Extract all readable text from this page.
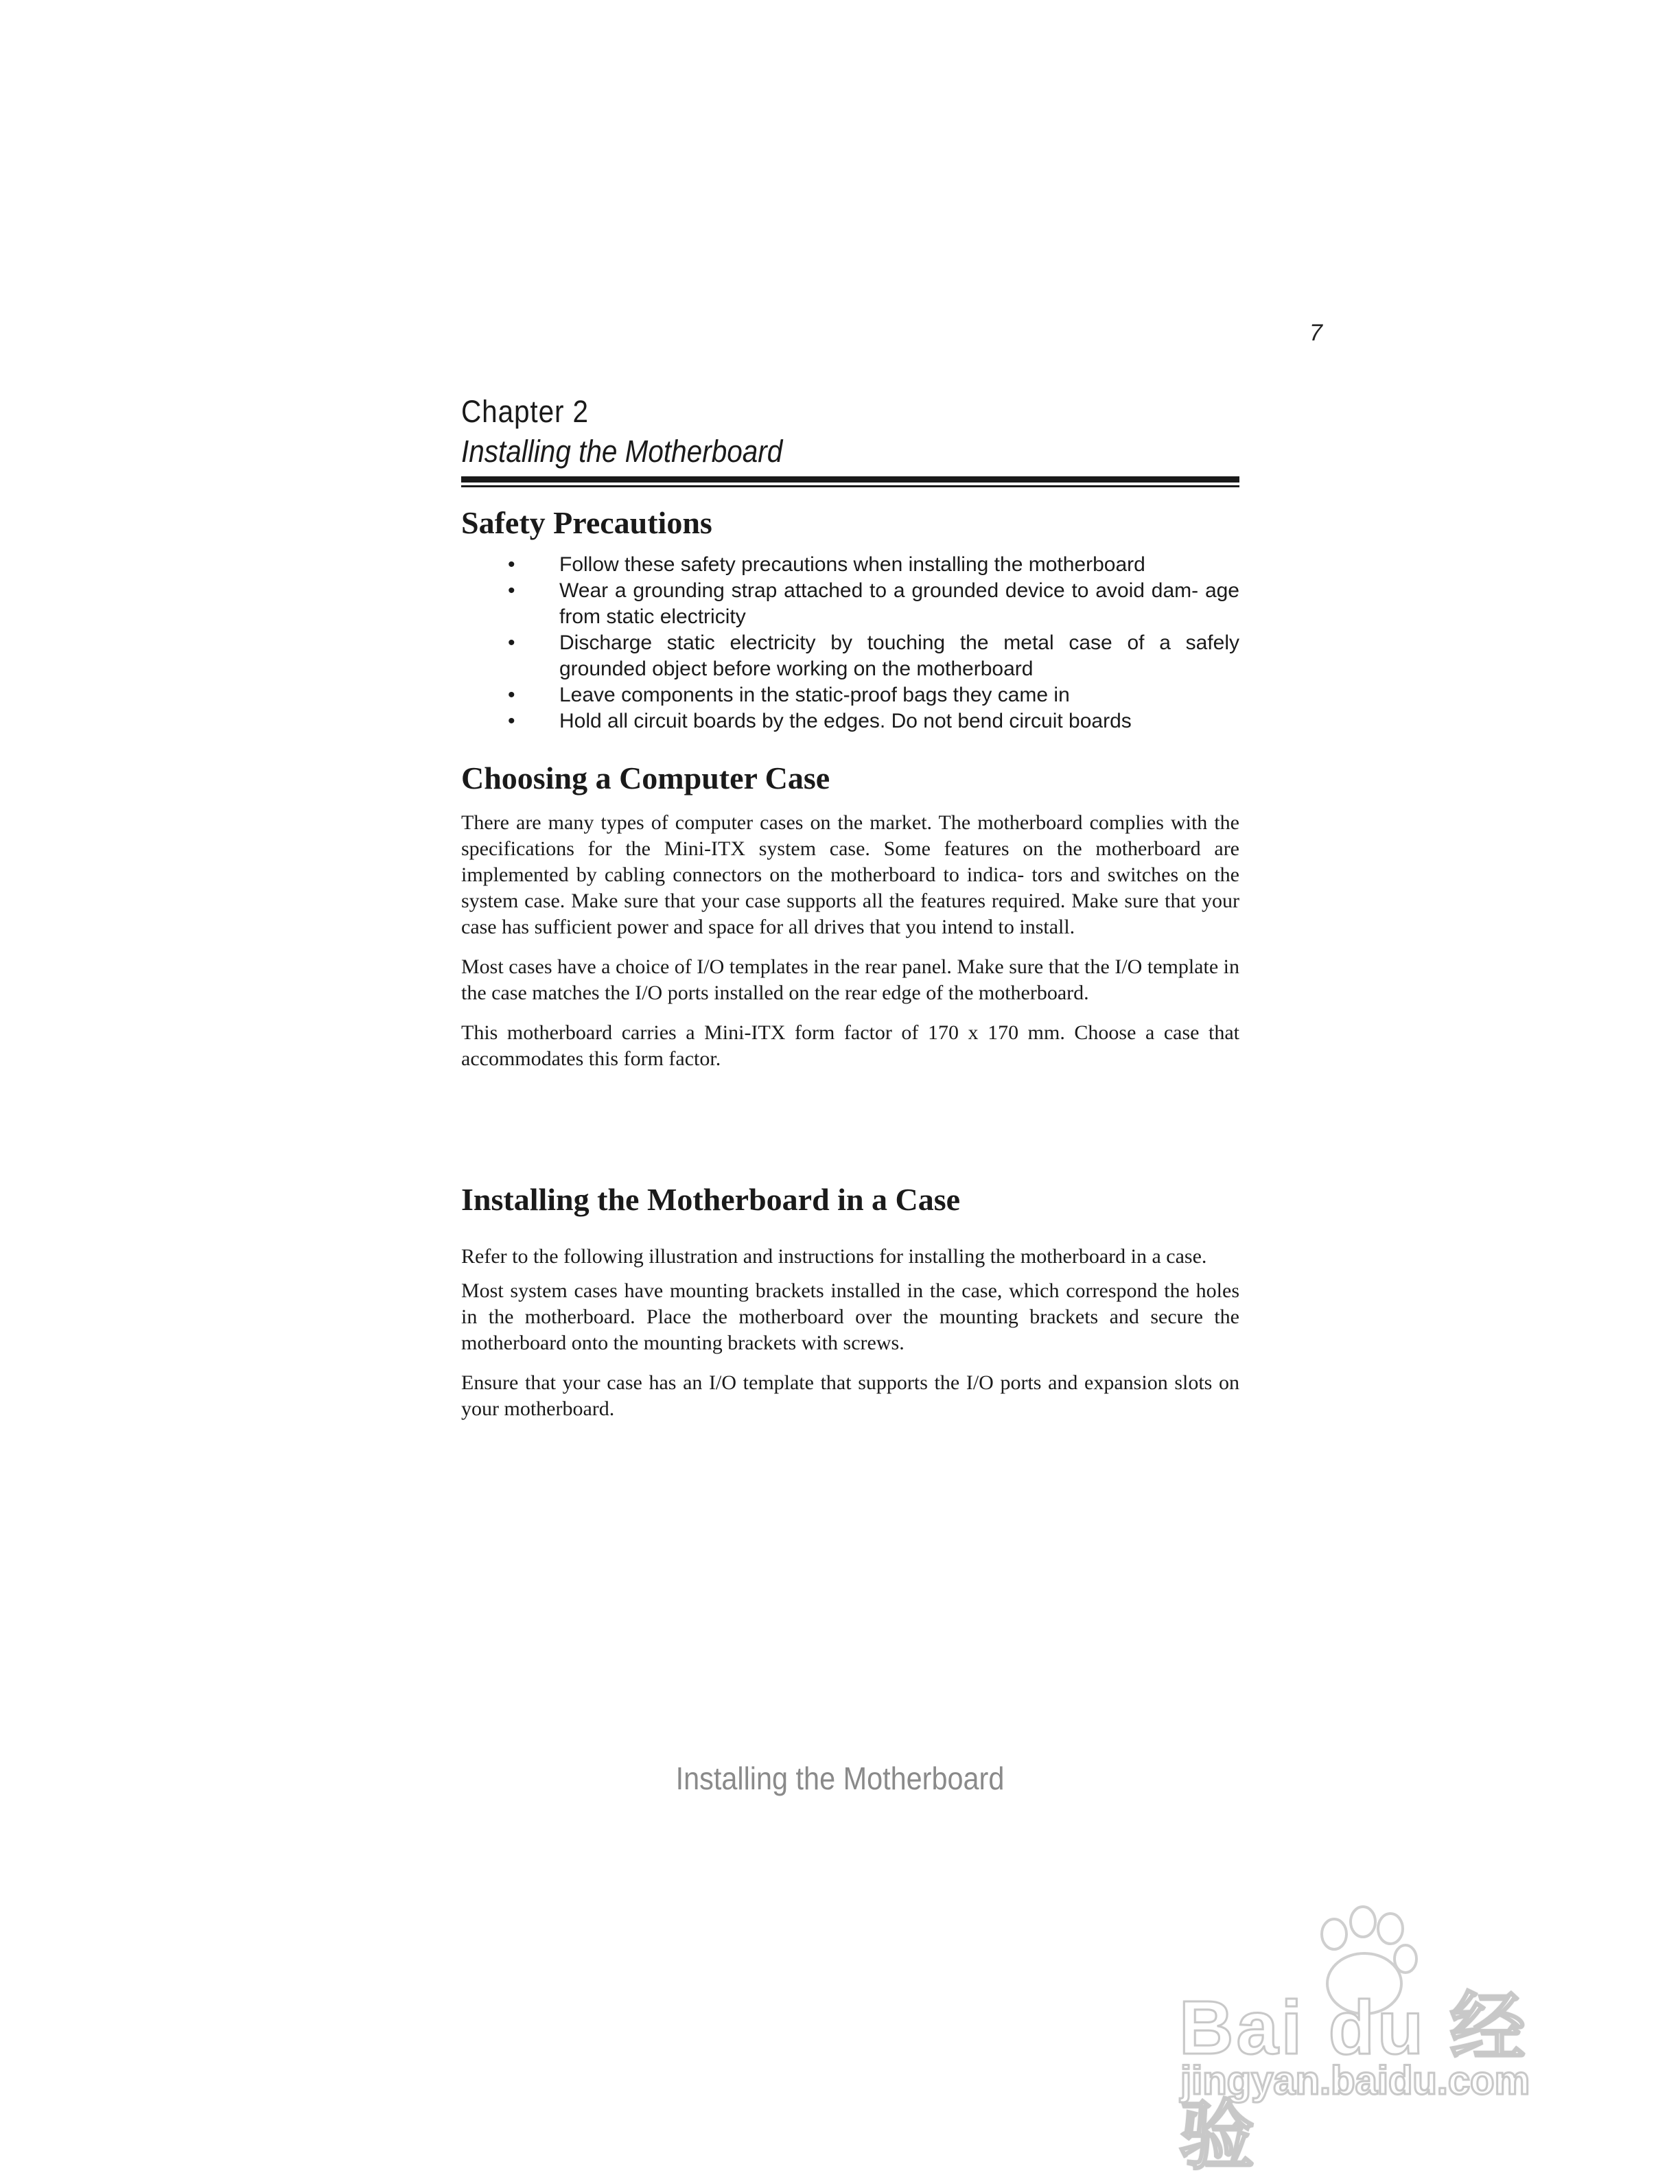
7
Chapter 2
Installing the Motherboard
Safety Precautions
• Follow these safety precautions when installing the motherboard
• Wear a grounding strap attached to a grounded device to avoid dam- age from static electricity
• Discharge static electricity by touching the metal case of a safely grounded object before working on the motherboard
• Leave components in the static-proof bags they came in
• Hold all circuit boards by the edges. Do not bend circuit boards
Choosing a Computer Case

There are many types of computer cases on the market. The motherboard complies with the specifications for the Mini-ITX system case. Some features on the motherboard are implemented by cabling connectors on the motherboard to indica- tors and switches on the system case. Make sure that your case supports all the features required. Make sure that your case has sufficient power and space for all drives that you intend to install.

Most cases have a choice of I/O templates in the rear panel. Make sure that the I/O template in the case matches the I/O ports installed on the rear edge of the motherboard.

This motherboard carries a Mini-ITX form factor of 170 x 170 mm. Choose a case that accommodates this form factor.

Installing the Motherboard in a Case

Refer to the following illustration and instructions for installing the motherboard in a case.

Most system cases have mounting brackets installed in the case, which correspond the holes in the motherboard. Place the motherboard over the mounting brackets and secure the motherboard onto the mounting brackets with screws.

Ensure that your case has an I/O template that supports the I/O ports and expansion slots on your motherboard.

Installing the Motherboard
Bai du 经验
jingyan.baidu.com
